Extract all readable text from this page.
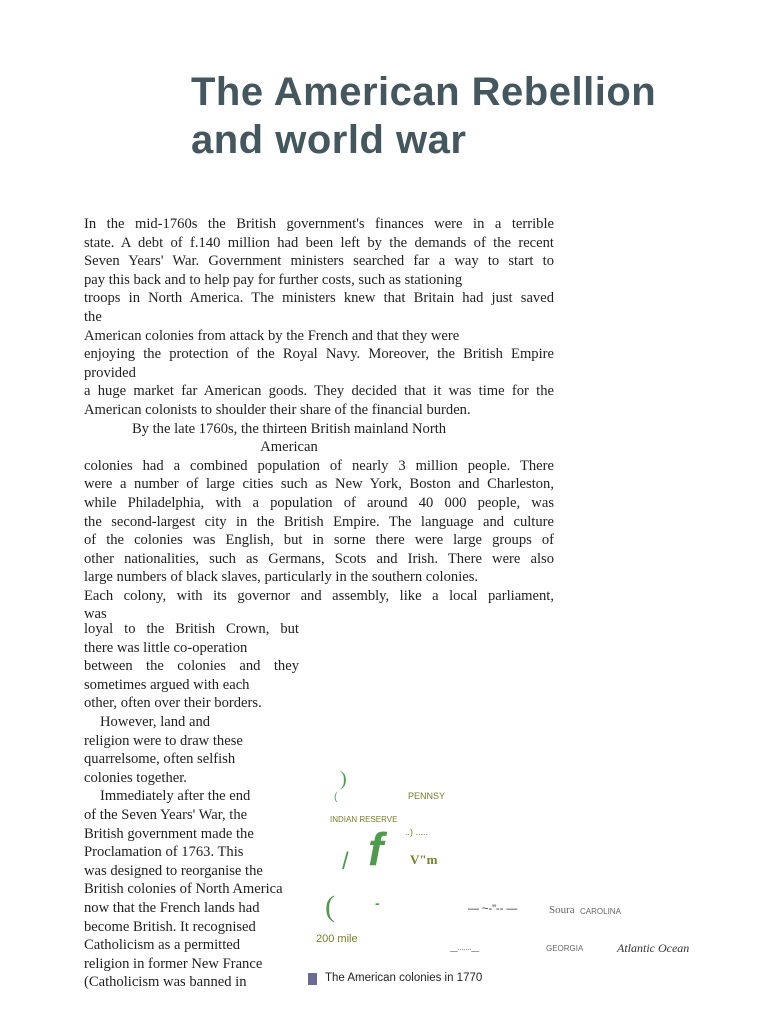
The American Rebellion
and world war
In the mid-1760s the British government's finances were in a terrible
state. A debt of f.140 million had been left by the demands of the recent
Seven Years' War. Government ministers searched far a way to start to
pay this back and to help pay for further costs, such as stationing
troops in North America. The ministers knew that Britain had just saved
the
American colonies from attack by the French and that they were
enjoying the protection of the Royal Navy. Moreover, the British Empire
provided
a huge market far American goods. They decided that it was time for the
American colonists to shoulder their share of the financial burden.
By the late 1760s, the thirteen British mainland North
American
colonies had a combined population of nearly 3 million people. There
were a number of large cities such as New York, Boston and Charleston,
while Philadelphia, with a population of around 40 000 people, was
the second-largest city in the British Empire. The language and culture
of the colonies was English, but in sorne there were large groups of
other nationalities, such as Germans, Scots and Irish. There were also
large numbers of black slaves, particularly in the southern colonies.
Each colony, with its governor and assembly, like a local parliament,
was
loyal to the British Crown, but
there was little co-operation
between the colonies and they
sometimes argued with each
other, often over their borders.
However, land and
religion were to draw these
quarrelsome, often selfish
colonies together.
Immediately after the end
of the Seven Years' War, the
British government made the
Proclamation of 1763. This
was designed to reorganise the
British colonies of North America
now that the French lands had
become British. It recognised
Catholicism as a permitted
religion in former New France
(Catholicism was banned in
)
(	PENNSY
INDIAN RESERVE
..) .....
f V"m
/
(	-	— ~-"-- —	Soura CAROLINA
200 mile
__.......__	GEORGIA	Atlantic Ocean
The American colonies in 1770
